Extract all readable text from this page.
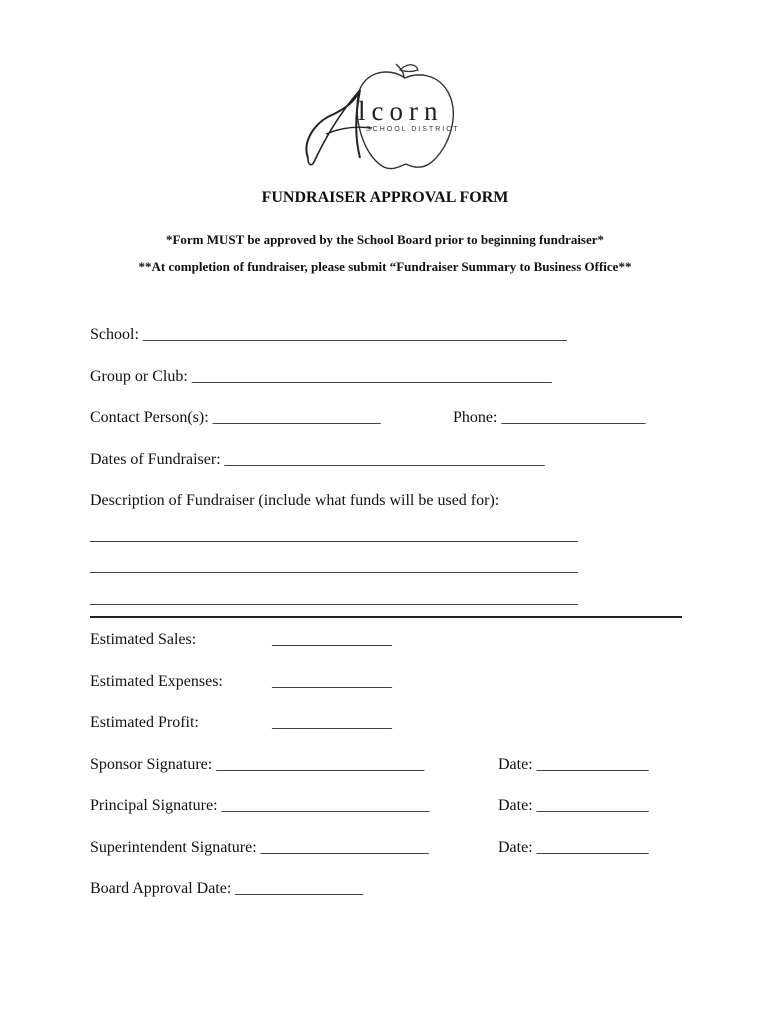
lcorn
SCHOOL DISTRICT
FUNDRAISER APPROVAL FORM
*Form MUST be approved by the School Board prior to beginning fundraiser*
**At completion of fundraiser, please submit “Fundraiser Summary to Business Office**
School: _____________________________________________________
Group or Club: _____________________________________________
Contact Person(s): _____________________	Phone: __________________
Dates of Fundraiser: ________________________________________
Description of Fundraiser (include what funds will be used for):
_____________________________________________________________
_____________________________________________________________
_____________________________________________________________
Estimated Sales:	_______________
Estimated Expenses:	_______________
Estimated Profit:	_______________
Sponsor Signature: __________________________	Date: ______________
Principal Signature: __________________________	Date: ______________
Superintendent Signature: _____________________	Date: ______________
Board Approval Date: ________________
